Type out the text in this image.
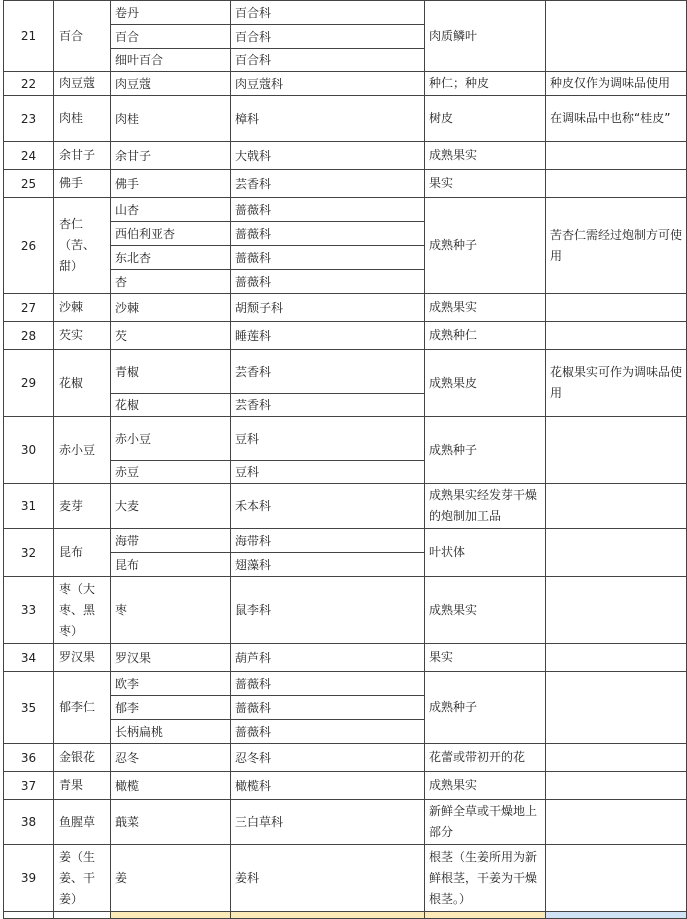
21	百合	卷丹	百合科	肉质鳞叶	
		百合	百合科		
		细叶百合	百合科		
22	肉豆蔻	肉豆蔻	肉豆蔻科	种仁；种皮	种皮仅作为调味品使用
23	肉桂	肉桂	樟科	树皮	在调味品中也称“桂皮”
24	余甘子	余甘子	大戟科	成熟果实	
25	佛手	佛手	芸香科	果实	
26	杏仁（苦、甜）	山杏	蔷薇科	成熟种子	苦杏仁需经过炮制方可使用
		西伯利亚杏	蔷薇科		
		东北杏	蔷薇科		
		杏	蔷薇科		
27	沙棘	沙棘	胡颓子科	成熟果实	
28	芡实	芡	睡莲科	成熟种仁	
29	花椒	青椒	芸香科	成熟果皮	花椒果实可作为调味品使用
		花椒	芸香科		
30	赤小豆	赤小豆	豆科	成熟种子	
		赤豆	豆科		
31	麦芽	大麦	禾本科	成熟果实经发芽干燥的炮制加工品	
32	昆布	海带	海带科	叶状体	
		昆布	翅藻科		
33	枣（大枣、黑枣）	枣	鼠李科	成熟果实	
34	罗汉果	罗汉果	葫芦科	果实	
35	郁李仁	欧李	蔷薇科	成熟种子	
		郁李	蔷薇科		
		长柄扁桃	蔷薇科		
36	金银花	忍冬	忍冬科	花蕾或带初开的花	
37	青果	橄榄	橄榄科	成熟果实	
38	鱼腥草	蕺菜	三白草科	新鲜全草或干燥地上部分	
39	姜（生姜、干姜）	姜	姜科	根茎（生姜所用为新鲜根茎，干姜为干燥根茎。）	
